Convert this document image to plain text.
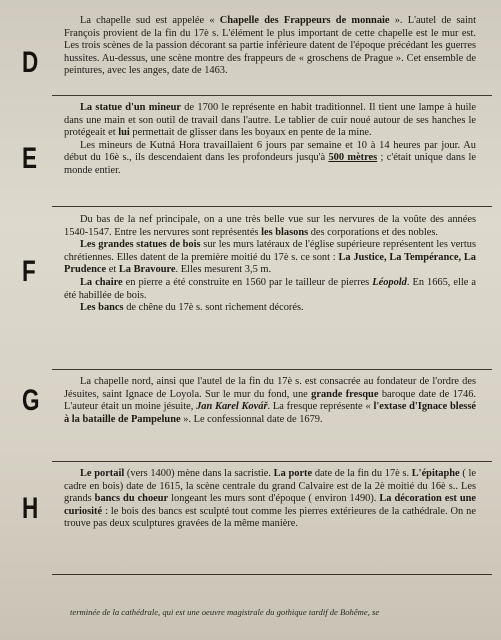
D

La chapelle sud est appelée « Chapelle des Frappeurs de monnaie ». L'autel de saint François provient de la fin du 17è s. L'élément le plus important de cette chapelle est le mur est. Les trois scènes de la passion décorant sa partie inférieure datent de l'époque précédant les guerres hussites. Au-dessus, une scène montre des frappeurs de « groschens de Prague ». Cet ensemble de peintures, avec les anges, date de 1463.

E

La statue d'un mineur de 1700 le représente en habit traditionnel. Il tient une lampe à huile dans une main et son outil de travail dans l'autre. Le tablier de cuir noué autour de ses hanches le protégeait et lui permettait de glisser dans les boyaux en pente de la mine.

Les mineurs de Kutná Hora travaillaient 6 jours par semaine et 10 à 14 heures par jour. Au début du 16è s., ils descendaient dans les profondeurs jusqu'à 500 mètres ; c'était unique dans le monde entier.

F

Du bas de la nef principale, on a une très belle vue sur les nervures de la voûte des années 1540-1547. Entre les nervures sont représentés les blasons des corporations et des nobles.

Les grandes statues de bois sur les murs latéraux de l'église supérieure représentent les vertus chrétiennes. Elles datent de la première moitié du 17è s. ce sont : La Justice, La Tempérance, La Prudence et La Bravoure. Elles mesurent 3,5 m.

La chaire en pierre a été construite en 1560 par le tailleur de pierres Léopold. En 1665, elle a été habillée de bois.

Les bancs de chêne du 17è s. sont richement décorés.

G

La chapelle nord, ainsi que l'autel de la fin du 17è s. est consacrée au fondateur de l'ordre des Jésuites, saint Ignace de Loyola. Sur le mur du fond, une grande fresque baroque date de 1746. L'auteur était un moine jésuite, Jan Karel Kovář. La fresque représente « l'extase d'Ignace blessé à la bataille de Pampelune ». Le confessionnal date de 1679.

H

Le portail (vers 1400) mène dans la sacristie. La porte date de la fin du 17è s. L'épitaphe ( le cadre en bois) date de 1615, la scène centrale du grand Calvaire est de la 2è moitié du 16è s.. Les grands bancs du choeur longeant les murs sont d'époque ( environ 1490). La décoration est une curiosité : le bois des bancs est sculpté tout comme les pierres extérieures de la cathédrale. On ne trouve pas deux sculptures gravées de la même manière.

terminée de la cathédrale, qui est une oeuvre magistrale du gothique tardif de Bohême, se
